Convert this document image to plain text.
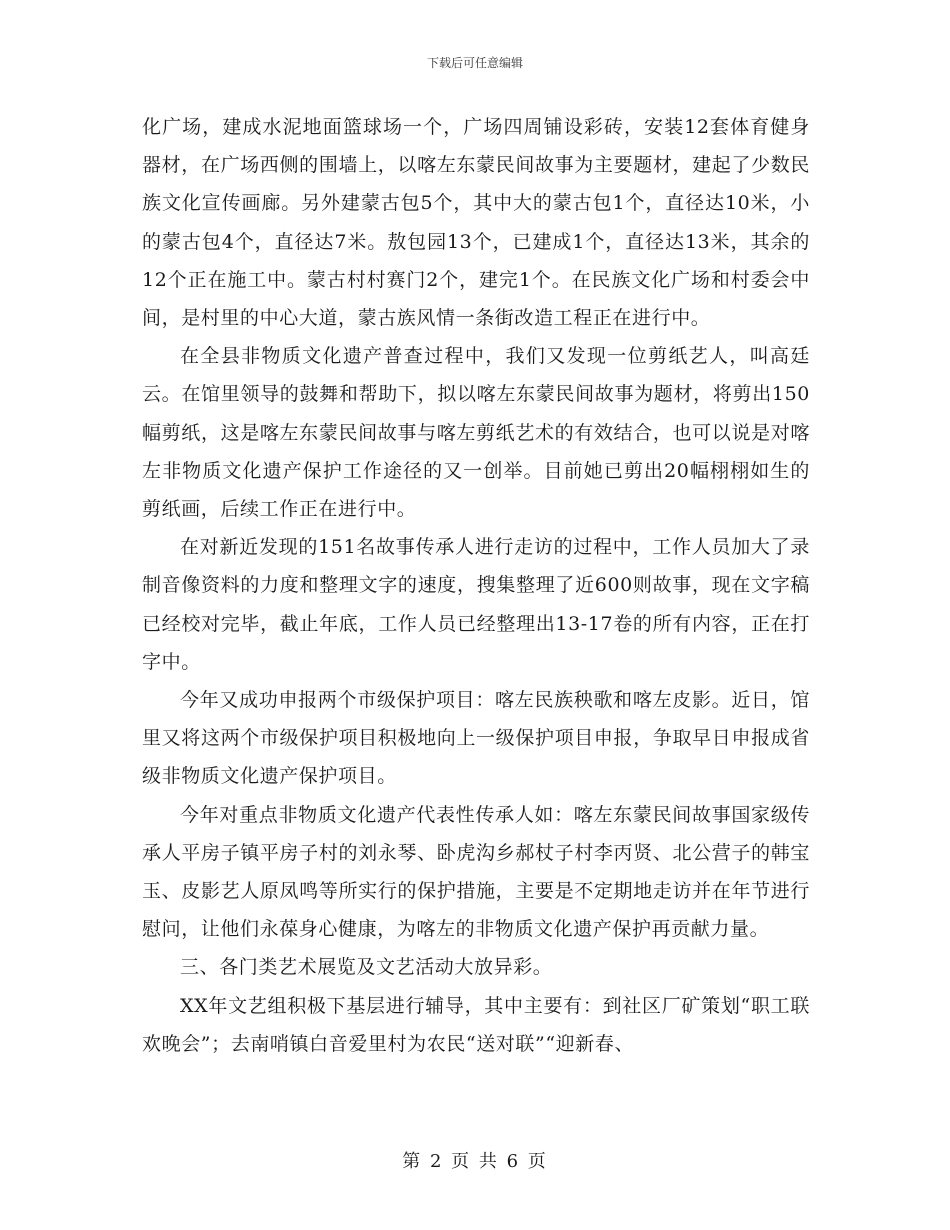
下载后可任意编辑

化广场，建成水泥地面篮球场一个，广场四周铺设彩砖，安装12套体育健身器材，在广场西侧的围墙上，以喀左东蒙民间故事为主要题材，建起了少数民族文化宣传画廊。另外建蒙古包5个，其中大的蒙古包1个，直径达10米，小的蒙古包4个，直径达7米。敖包园13个，已建成1个，直径达13米，其余的12个正在施工中。蒙古村村赛门2个，建完1个。在民族文化广场和村委会中间，是村里的中心大道，蒙古族风情一条街改造工程正在进行中。

在全县非物质文化遗产普查过程中，我们又发现一位剪纸艺人，叫高廷云。在馆里领导的鼓舞和帮助下，拟以喀左东蒙民间故事为题材，将剪出150幅剪纸，这是喀左东蒙民间故事与喀左剪纸艺术的有效结合，也可以说是对喀左非物质文化遗产保护工作途径的又一创举。目前她已剪出20幅栩栩如生的剪纸画，后续工作正在进行中。

在对新近发现的151名故事传承人进行走访的过程中，工作人员加大了录制音像资料的力度和整理文字的速度，搜集整理了近600则故事，现在文字稿已经校对完毕，截止年底，工作人员已经整理出13-17卷的所有内容，正在打字中。

今年又成功申报两个市级保护项目：喀左民族秧歌和喀左皮影。近日，馆里又将这两个市级保护项目积极地向上一级保护项目申报，争取早日申报成省级非物质文化遗产保护项目。

今年对重点非物质文化遗产代表性传承人如：喀左东蒙民间故事国家级传承人平房子镇平房子村的刘永琴、卧虎沟乡郝杖子村李丙贤、北公营子的韩宝玉、皮影艺人原凤鸣等所实行的保护措施，主要是不定期地走访并在年节进行慰问，让他们永葆身心健康，为喀左的非物质文化遗产保护再贡献力量。

三、各门类艺术展览及文艺活动大放异彩。

XX年文艺组积极下基层进行辅导，其中主要有：到社区厂矿策划“职工联欢晚会”；去南哨镇白音爱里村为农民“送对联”“迎新春、

第 2 页 共 6 页
